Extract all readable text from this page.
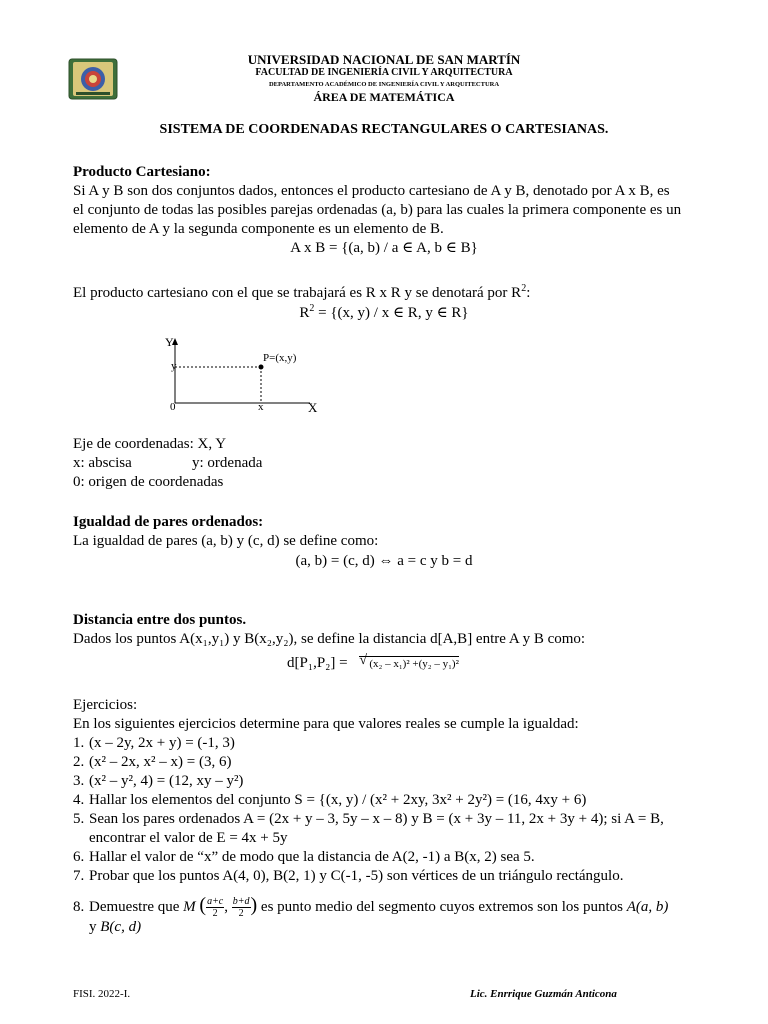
UNIVERSIDAD NACIONAL DE SAN MARTÍN
FACULTAD DE INGENIERÍA CIVIL Y ARQUITECTURA
DEPARTAMENTO ACADÉMICO DE INGENIERÍA CIVIL Y ARQUITECTURA
ÁREA DE MATEMÁTICA
SISTEMA DE COORDENADAS RECTANGULARES O CARTESIANAS.
Producto Cartesiano:
Si A y B son dos conjuntos dados, entonces el producto cartesiano de A y B, denotado por A x B, es
el conjunto de todas las posibles parejas ordenadas (a, b) para las cuales la primera componente es un
elemento de A y la segunda componente es un elemento de B.
A x B = {(a, b) / a ∈ A, b ∈ B}
El producto cartesiano con el que se trabajará es R x R y se denotará por $R^2$:
$R^2 = \{(x$, y) / x ∈ R, y ∈ R}
Y
X
0
y
x
P=(x,y)
Eje de coordenadas: X, Y
x: abscisa	y: ordenada
0: origen de coordenadas
Igualdad de pares ordenados:
La igualdad de pares (a, b) y (c, d) se define como:
(a, b) = (c, d) ⇔ a = c y b = d
Distancia entre dos puntos.
Dados los puntos A(x₁,y₁) y B(x₂,y₂), se define la distancia d[A,B] entre A y B como:
d[P₁,P₂] = √ (x₂ – x₁)² +(y₂ – y₁)²
Ejercicios:
En los siguientes ejercicios determine para que valores reales se cumple la igualdad:
1. (x – 2y, 2x + y) = (-1, 3)
2. (x² – 2x, x² – x) = (3, 6)
3. (x² – y², 4) = (12, xy – y²)
4. Hallar los elementos del conjunto S = {(x, y) / (x² + 2xy, 3x² + 2y²) = (16, 4xy + 6)
5. Sean los pares ordenados A = (2x + y – 3, 5y – x – 8) y B = (x + 3y – 11, 2x + 3y + 4); si A = B,
encontrar el valor de E = 4x + 5y
6. Hallar el valor de “x” de modo que la distancia de A(2, -1) a B(x, 2) sea 5.
7. Probar que los puntos A(4, 0), B(2, 1) y C(-1, -5) son vértices de un triángulo rectángulo.
8. Demuestre que M ( $\frac{a+c}{2}$ , $\frac{b+d}{2}$ ) es punto medio del segmento cuyos extremos son los puntos A(a, b)
y B(c, d)
FISI. 2022-I.	Lic. Enrrique Guzmán Anticona
